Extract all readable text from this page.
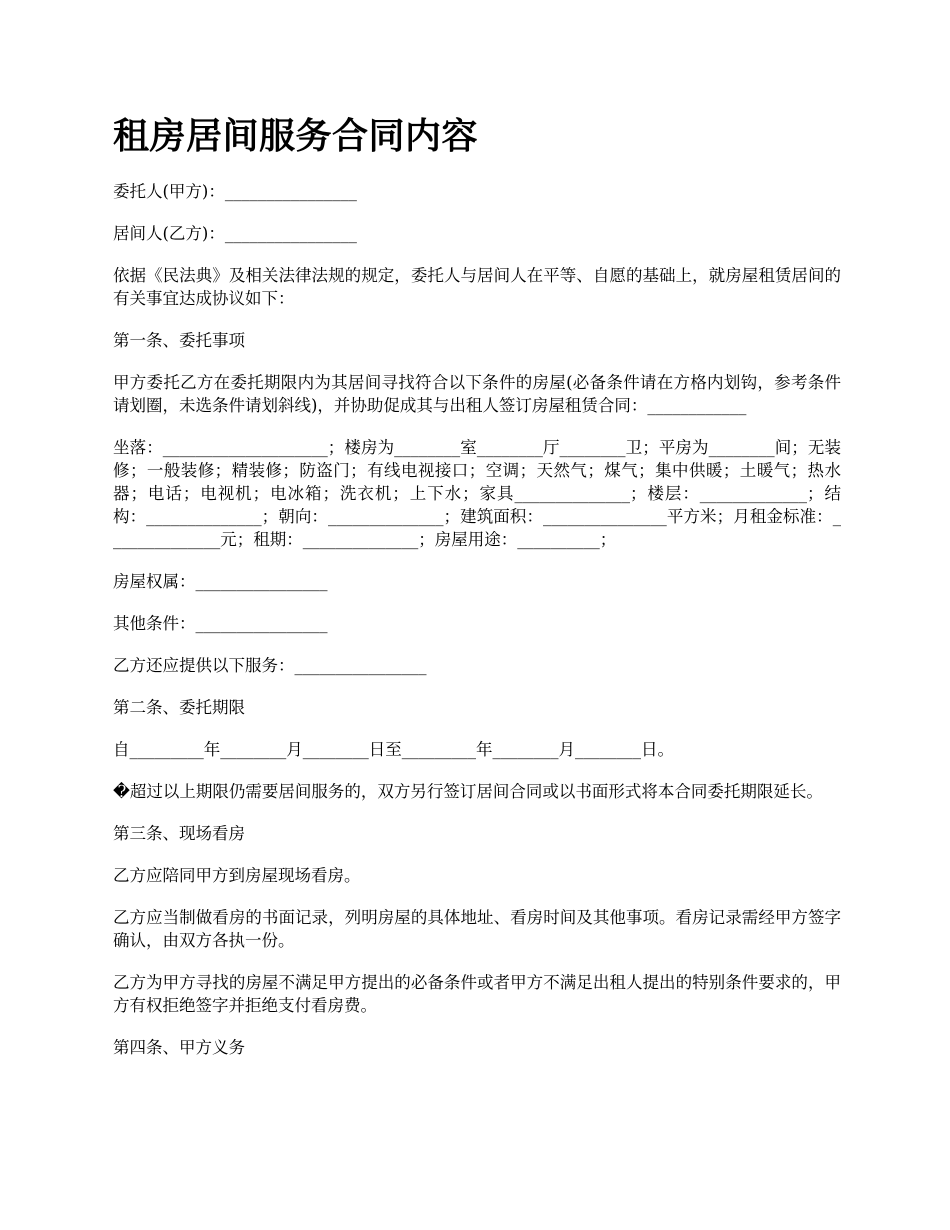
租房居间服务合同内容

委托人(甲方)：________________

居间人(乙方)：________________

依据《民法典》及相关法律法规的规定，委托人与居间人在平等、自愿的基础上，就房屋租赁居间的有关事宜达成协议如下：

第一条、委托事项

甲方委托乙方在委托期限内为其居间寻找符合以下条件的房屋(必备条件请在方格内划钩，参考条件请划圈，未选条件请划斜线)，并协助促成其与出租人签订房屋租赁合同：____________

坐落：____________________；楼房为________室________厅________卫；平房为________间；无装修；一般装修；精装修；防盗门；有线电视接口；空调；天然气；煤气；集中供暖；土暖气；热水器；电话；电视机；电冰箱；洗衣机；上下水；家具______________；楼层：_____________；结构：______________；朝向：______________；建筑面积：_______________平方米；月租金标准：______________元；租期：______________；房屋用途：__________；

房屋权属：________________

其他条件：________________

乙方还应提供以下服务：________________

第二条、委托期限

自_________年________月________日至_________年________月________日。

�超过以上期限仍需要居间服务的，双方另行签订居间合同或以书面形式将本合同委托期限延长。

第三条、现场看房

乙方应陪同甲方到房屋现场看房。

乙方应当制做看房的书面记录，列明房屋的具体地址、看房时间及其他事项。看房记录需经甲方签字确认，由双方各执一份。

乙方为甲方寻找的房屋不满足甲方提出的必备条件或者甲方不满足出租人提出的特别条件要求的，甲方有权拒绝签字并拒绝支付看房费。

第四条、甲方义务
